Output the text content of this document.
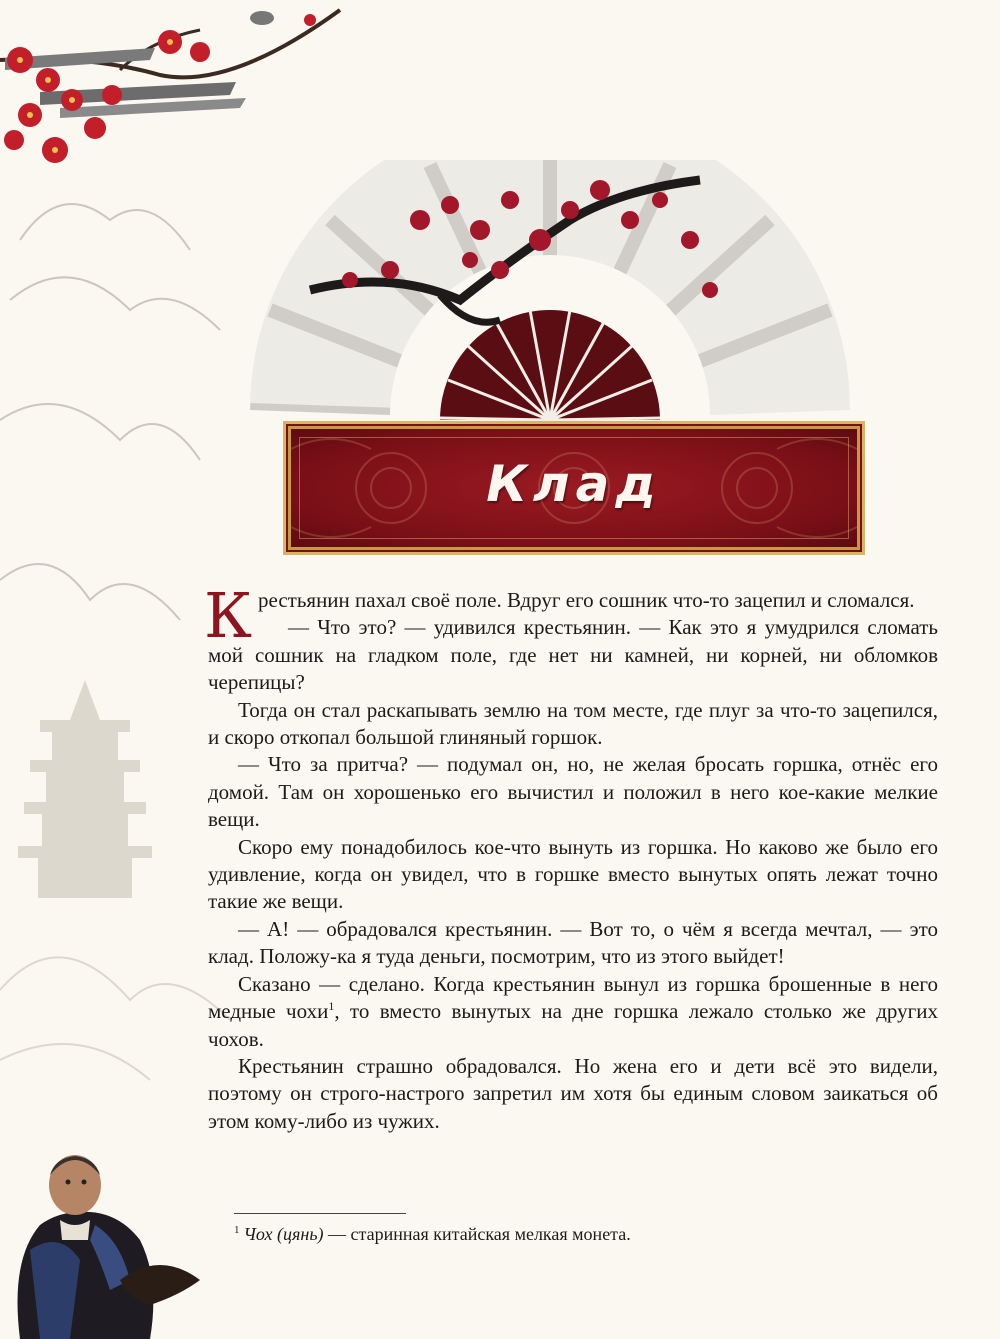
Клад

Крестьянин пахал своё поле. Вдруг его сошник что-то зацепил и сломался.

— Что это? — удивился крестьянин. — Как это я умудрился сломать мой сошник на гладком поле, где нет ни камней, ни корней, ни обломков черепицы?

Тогда он стал раскапывать землю на том месте, где плуг за что-то зацепился, и скоро откопал большой глиняный горшок.

— Что за притча? — подумал он, но, не желая бросать горшка, отнёс его домой. Там он хорошенько его вычистил и положил в него кое-какие мелкие вещи.

Скоро ему понадобилось кое-что вынуть из горшка. Но каково же было его удивление, когда он увидел, что в горшке вместо вынутых опять лежат точно такие же вещи.

— А! — обрадовался крестьянин. — Вот то, о чём я всегда мечтал, — это клад. Положу-ка я туда деньги, посмотрим, что из этого выйдет!

Сказано — сделано. Когда крестьянин вынул из горшка брошенные в него медные чохи$^1$, то вместо вынутых на дне горшка лежало столько же других чохов.

Крестьянин страшно обрадовался. Но жена его и дети всё это видели, поэтому он строго-настрого запретил им хотя бы единым словом заикаться об этом кому-либо из чужих.

$^1$ Чох (цянь) — старинная китайская мелкая монета.
